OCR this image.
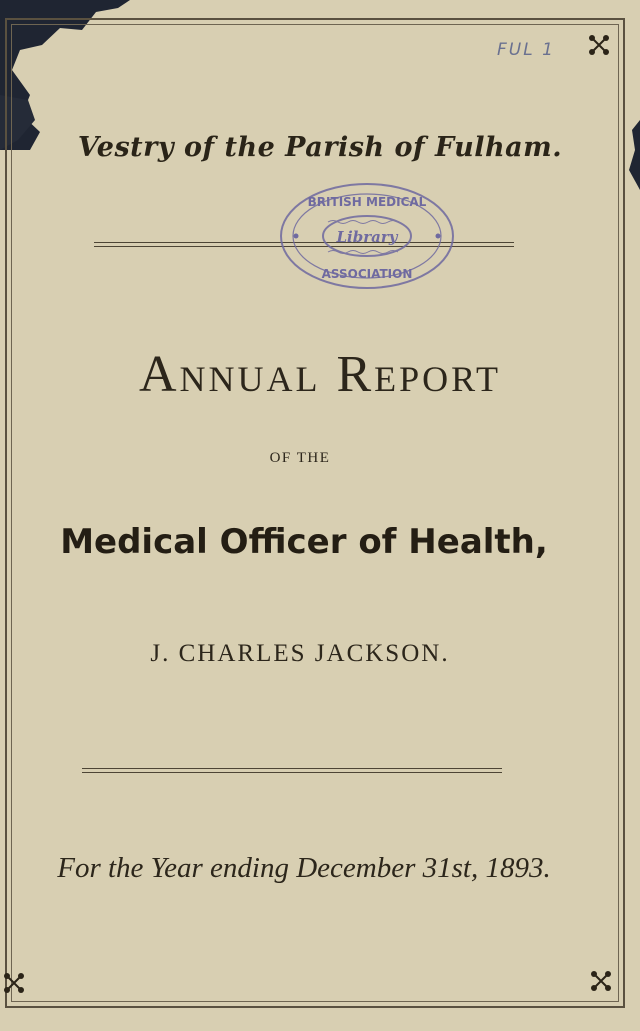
FUL 1
Vestry of the Parish of Fulham.
BRITISH MEDICAL
Library
ASSOCIATION
Annual Report
OF THE
Medical Officer of Health,
J. CHARLES JACKSON.
For the Year ending December 31st, 1893.
